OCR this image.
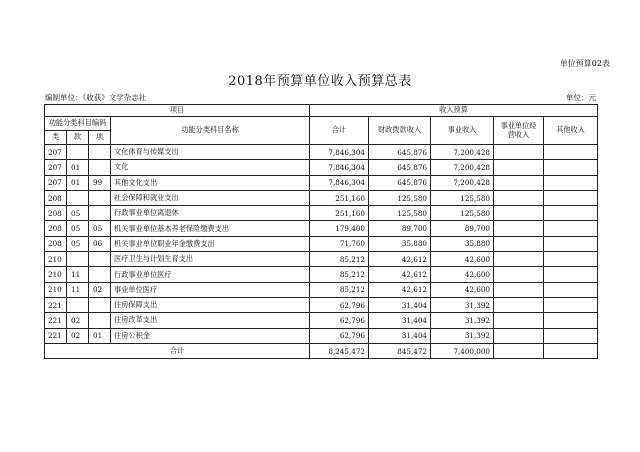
单位预算02表
2018年预算单位收入预算总表
编制单位：《收获》文学杂志社	单位：元
项目				收入预算				
功能分类科目编码			功能分类科目名称	合计	财政拨款收入	事业收入	事业单位经营收入	其他收入
类	款	项						
207			文化体育与传媒支出	7,846,304	645,876	7,200,428		
207	01		文化	7,846,304	645,876	7,200,428		
207	01	99	其他文化支出	7,846,304	645,876	7,200,428		
208			社会保障和就业支出	251,160	125,580	125,580		
208	05		行政事业单位离退休	251,160	125,580	125,580		
208	05	05	机关事业单位基本养老保险缴费支出	179,400	89,700	89,700		
208	05	06	机关事业单位职业年金缴费支出	71,760	35,880	35,880		
210			医疗卫生与计划生育支出	85,212	42,612	42,600		
210	11		行政事业单位医疗	85,212	42,612	42,600		
210	11	02	事业单位医疗	85,212	42,612	42,600		
221			住房保障支出	62,796	31,404	31,392		
221	02		住房改革支出	62,796	31,404	31,392		
221	02	01	住房公积金	62,796	31,404	31,392		
合计				8,245,472	845,472	7,400,000		
